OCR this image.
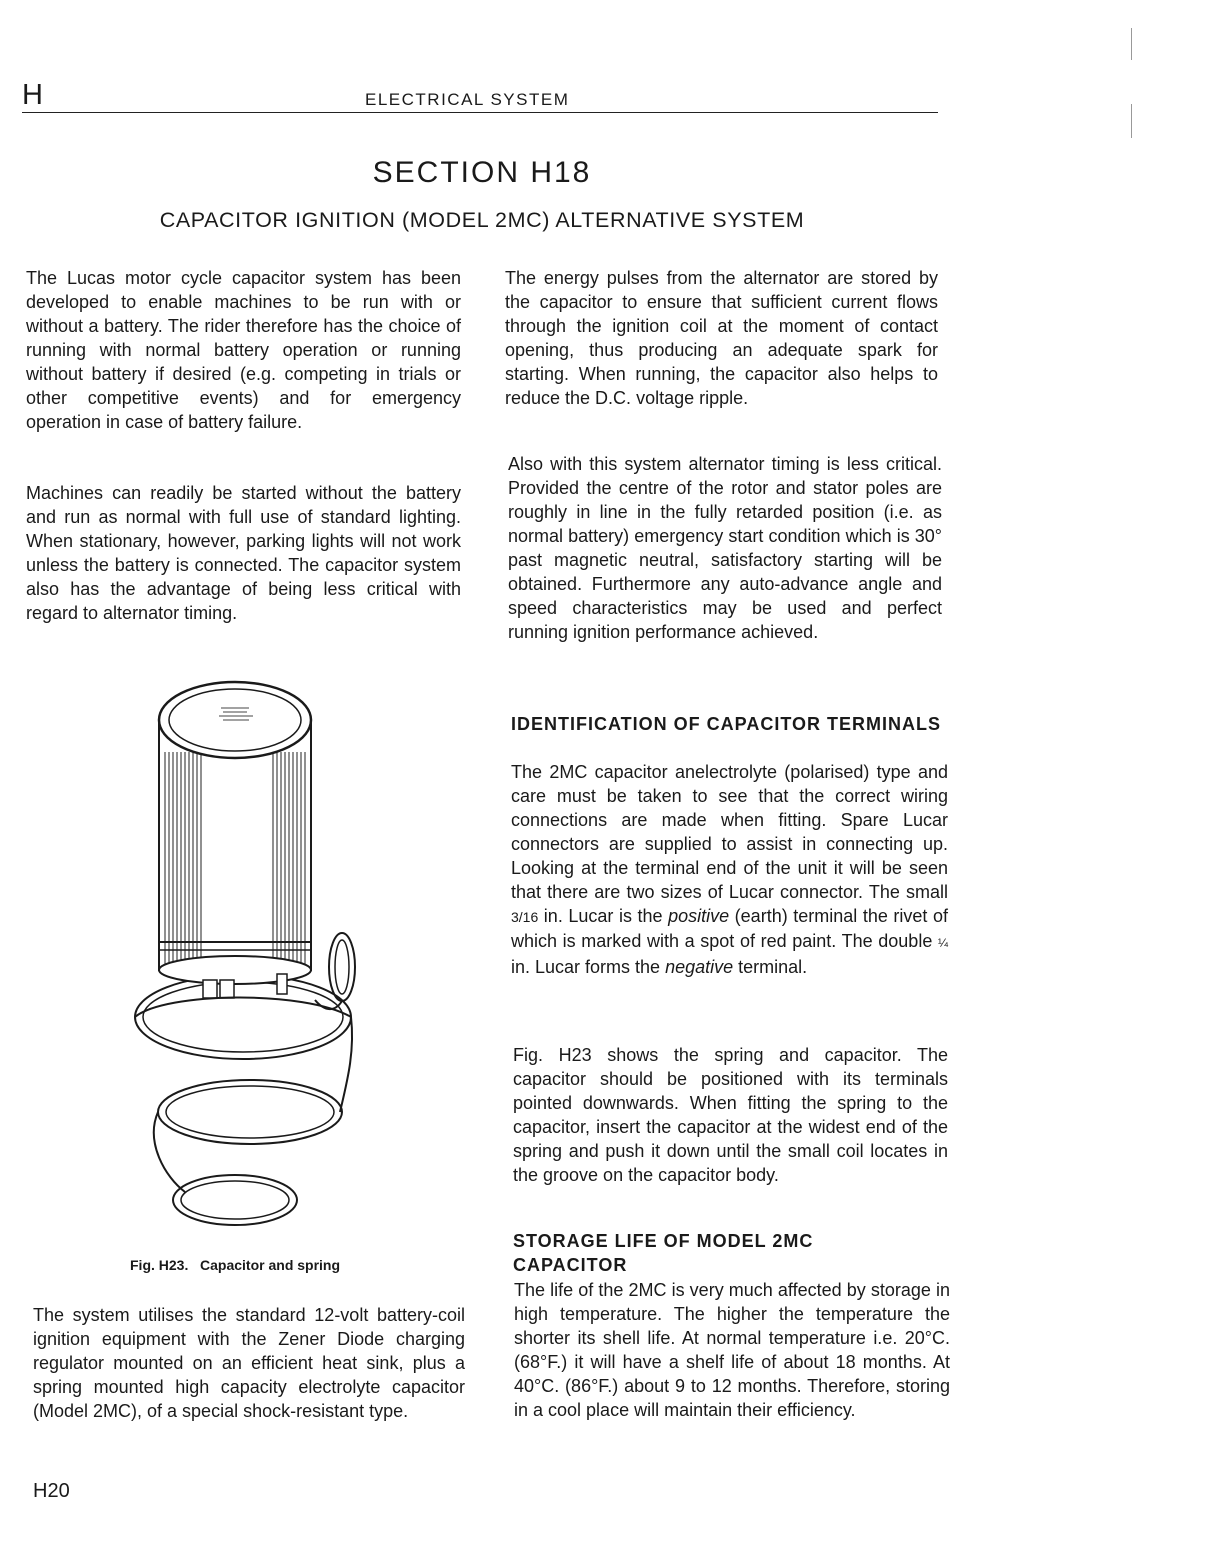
H	ELECTRICAL SYSTEM
SECTION H18
CAPACITOR IGNITION (MODEL 2MC) ALTERNATIVE SYSTEM

The Lucas motor cycle capacitor system has been developed to enable machines to be run with or without a battery. The rider therefore has the choice of running with normal battery operation or running without battery if desired (e.g. competing in trials or other competitive events) and for emergency operation in case of battery failure.

Machines can readily be started without the battery and run as normal with full use of standard lighting. When stationary, however, parking lights will not work unless the battery is connected. The capacitor system also has the advantage of being less critical with regard to alternator timing.

Fig. H23.   Capacitor and spring

The system utilises the standard 12-volt battery-coil ignition equipment with the Zener Diode charging regulator mounted on an efficient heat sink, plus a spring mounted high capacity electrolyte capacitor (Model 2MC), of a special shock-resistant type.

The energy pulses from the alternator are stored by the capacitor to ensure that sufficient current flows through the ignition coil at the moment of contact opening, thus producing an adequate spark for starting. When running, the capacitor also helps to reduce the D.C. voltage ripple.

Also with this system alternator timing is less critical. Provided the centre of the rotor and stator poles are roughly in line in the fully retarded position (i.e. as normal battery) emergency start condition which is 30° past magnetic neutral, satisfactory starting will be obtained. Furthermore any auto-advance angle and speed characteristics may be used and perfect running ignition performance achieved.

IDENTIFICATION OF CAPACITOR TERMINALS

The 2MC capacitor anelectrolyte (polarised) type and care must be taken to see that the correct wiring connections are made when fitting. Spare Lucar connectors are supplied to assist in connecting up. Looking at the terminal end of the unit it will be seen that there are two sizes of Lucar connector. The small 3/16 in. Lucar is the positive (earth) terminal the rivet of which is marked with a spot of red paint. The double ¼ in. Lucar forms the negative terminal.

Fig. H23 shows the spring and capacitor. The capacitor should be positioned with its terminals pointed downwards. When fitting the spring to the capacitor, insert the capacitor at the widest end of the spring and push it down until the small coil locates in the groove on the capacitor body.

STORAGE LIFE OF MODEL 2MC
CAPACITOR

The life of the 2MC is very much affected by storage in high temperature. The higher the temperature the shorter its shell life. At normal temperature i.e. 20°C. (68°F.) it will have a shelf life of about 18 months. At 40°C. (86°F.) about 9 to 12 months. Therefore, storing in a cool place will maintain their efficiency.

H20
